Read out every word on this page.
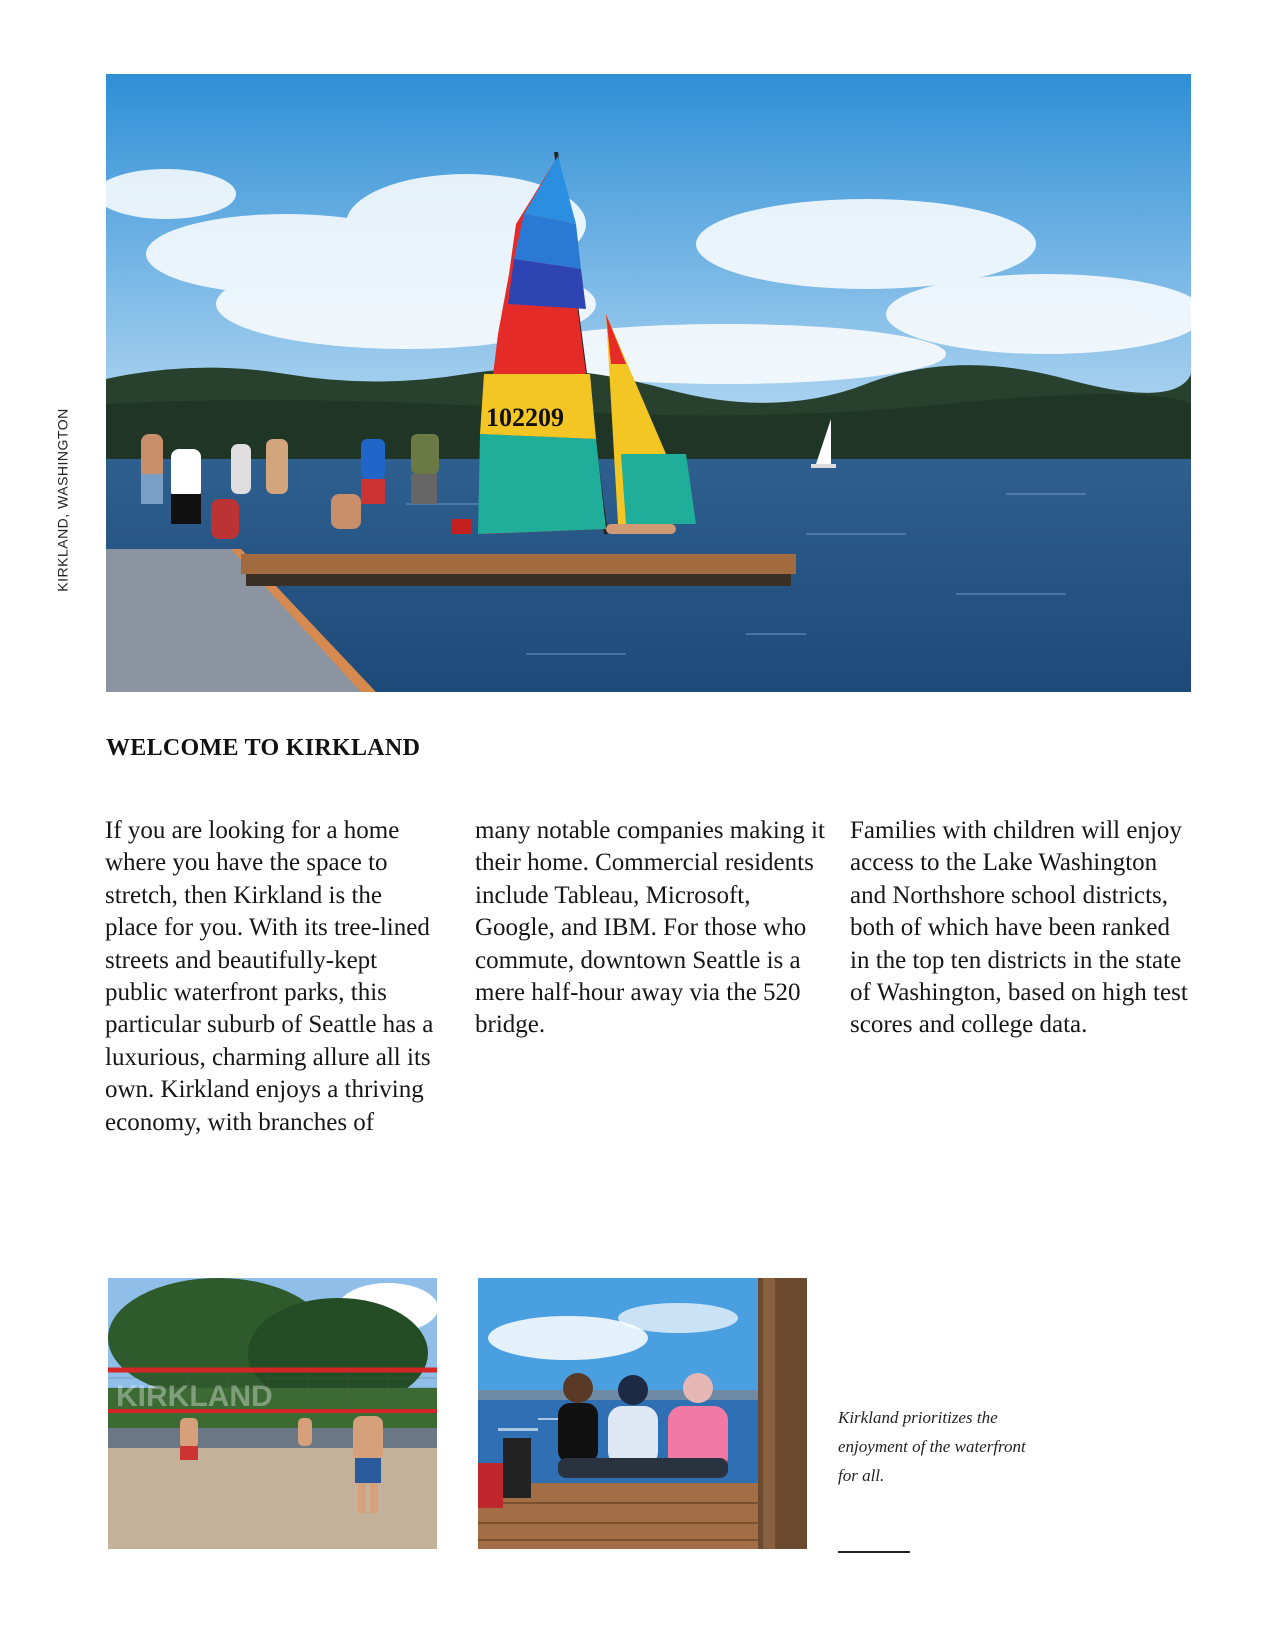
KIRKLAND, WASHINGTON	102209
WELCOME TO KIRKLAND

If you are looking for a home where you have the space to stretch, then Kirkland is the place for you. With its tree-lined streets and beautifully-kept public waterfront parks, this particular suburb of Seattle has a luxurious, charming allure all its own. Kirkland enjoys a thriving economy, with branches of

many notable companies making it their home. Commercial residents include Tableau, Microsoft, Google, and IBM. For those who commute, downtown Seattle is a mere half-hour away via the 520 bridge.

Families with children will enjoy access to the Lake Washington and Northshore school districts, both of which have been ranked in the top ten districts in the state of Washington, based on high test scores and college data.

KIRKLAND

Kirkland prioritizes the enjoyment of the waterfront for all.
